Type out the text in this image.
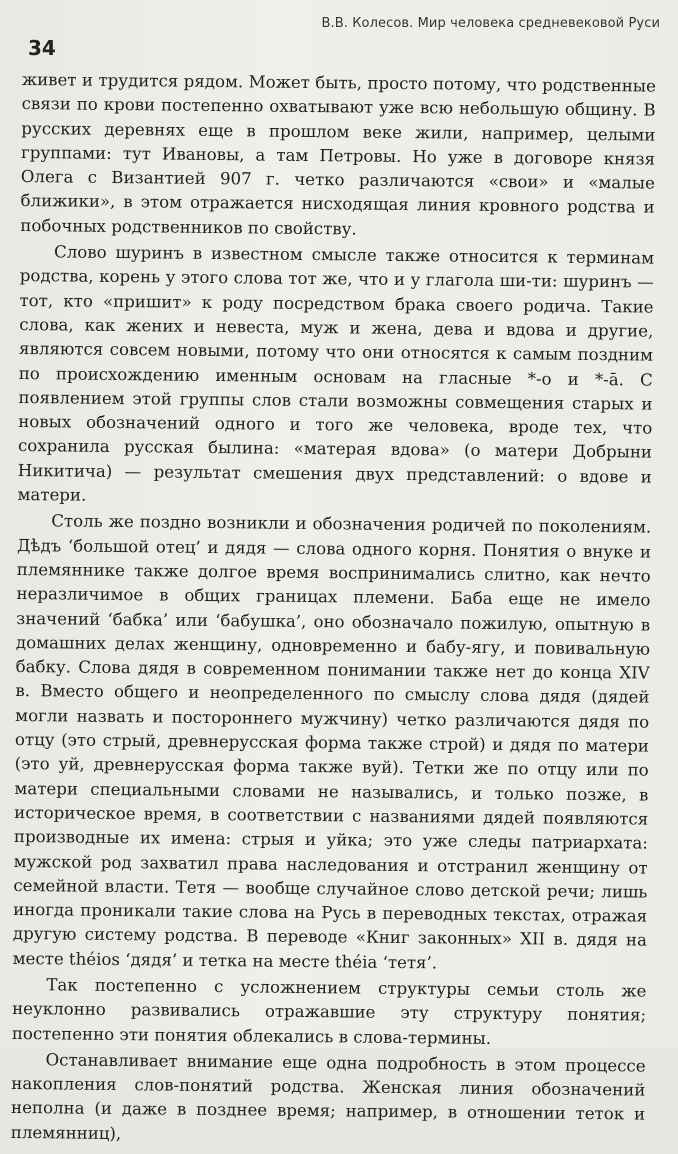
В.В. Колесов. Мир человека средневековой Руси
34

живет и трудится рядом. Может быть, просто потому, что родственные связи по крови постепенно охватывают уже всю небольшую общину. В русских деревнях еще в прошлом веке жили, например, целыми группами: тут Ивановы, а там Петровы. Но уже в договоре князя Олега с Византией 907 г. четко различаются «свои» и «малые ближики», в этом отражается нисходящая линия кровного родства и побочных родственников по свойству.

Слово шуринъ в известном смысле также относится к терминам родства, корень у этого слова тот же, что и у глагола ши-ти: шуринъ — тот, кто «пришит» к роду посредством брака своего родича. Такие слова, как жених и невеста, муж и жена, дева и вдова и другие, являются совсем новыми, потому что они относятся к самым поздним по происхождению именным основам на гласные *-о и *-ā. С появлением этой группы слов стали возможны совмещения старых и новых обозначений одного и того же человека, вроде тех, что сохранила русская былина: «матерая вдова» (о матери Добрыни Никитича) — результат смешения двух представлений: о вдове и матери.

Столь же поздно возникли и обозначения родичей по поколениям. Дѣдъ ‘большой отец’ и дядя — слова одного корня. Понятия о внуке и племяннике также долгое время воспринимались слитно, как нечто неразличимое в общих границах племени. Баба еще не имело значений ‘бабка’ или ‘бабушка’, оно обозначало пожилую, опытную в домашних делах женщину, одновременно и бабу-ягу, и повивальную бабку. Слова дядя в современном понимании также нет до конца XIV в. Вместо общего и неопределенного по смыслу слова дядя (дядей могли назвать и постороннего мужчину) четко различаются дядя по отцу (это стрый, древнерусская форма также строй) и дядя по матери (это уй, древнерусская форма также вуй). Тетки же по отцу или по матери специальными словами не назывались, и только позже, в историческое время, в соответствии с названиями дядей появляются производные их имена: стрыя и уйка; это уже следы патриархата: мужской род захватил права наследования и отстранил женщину от семейной власти. Тетя — вообще случайное слово детской речи; лишь иногда проникали такие слова на Русь в переводных текстах, отражая другую систему родства. В переводе «Книг законных» XII в. дядя на месте théios ‘дядя’ и тетка на месте théia ‘тетя’.

Так постепенно с усложнением структуры семьи столь же неуклонно развивались отражавшие эту структуру понятия; постепенно эти понятия облекались в слова-термины.

Останавливает внимание еще одна подробность в этом процессе накопления слов-понятий родства. Женская линия обозначений неполна (и даже в позднее время; например, в отношении теток и племянниц),
